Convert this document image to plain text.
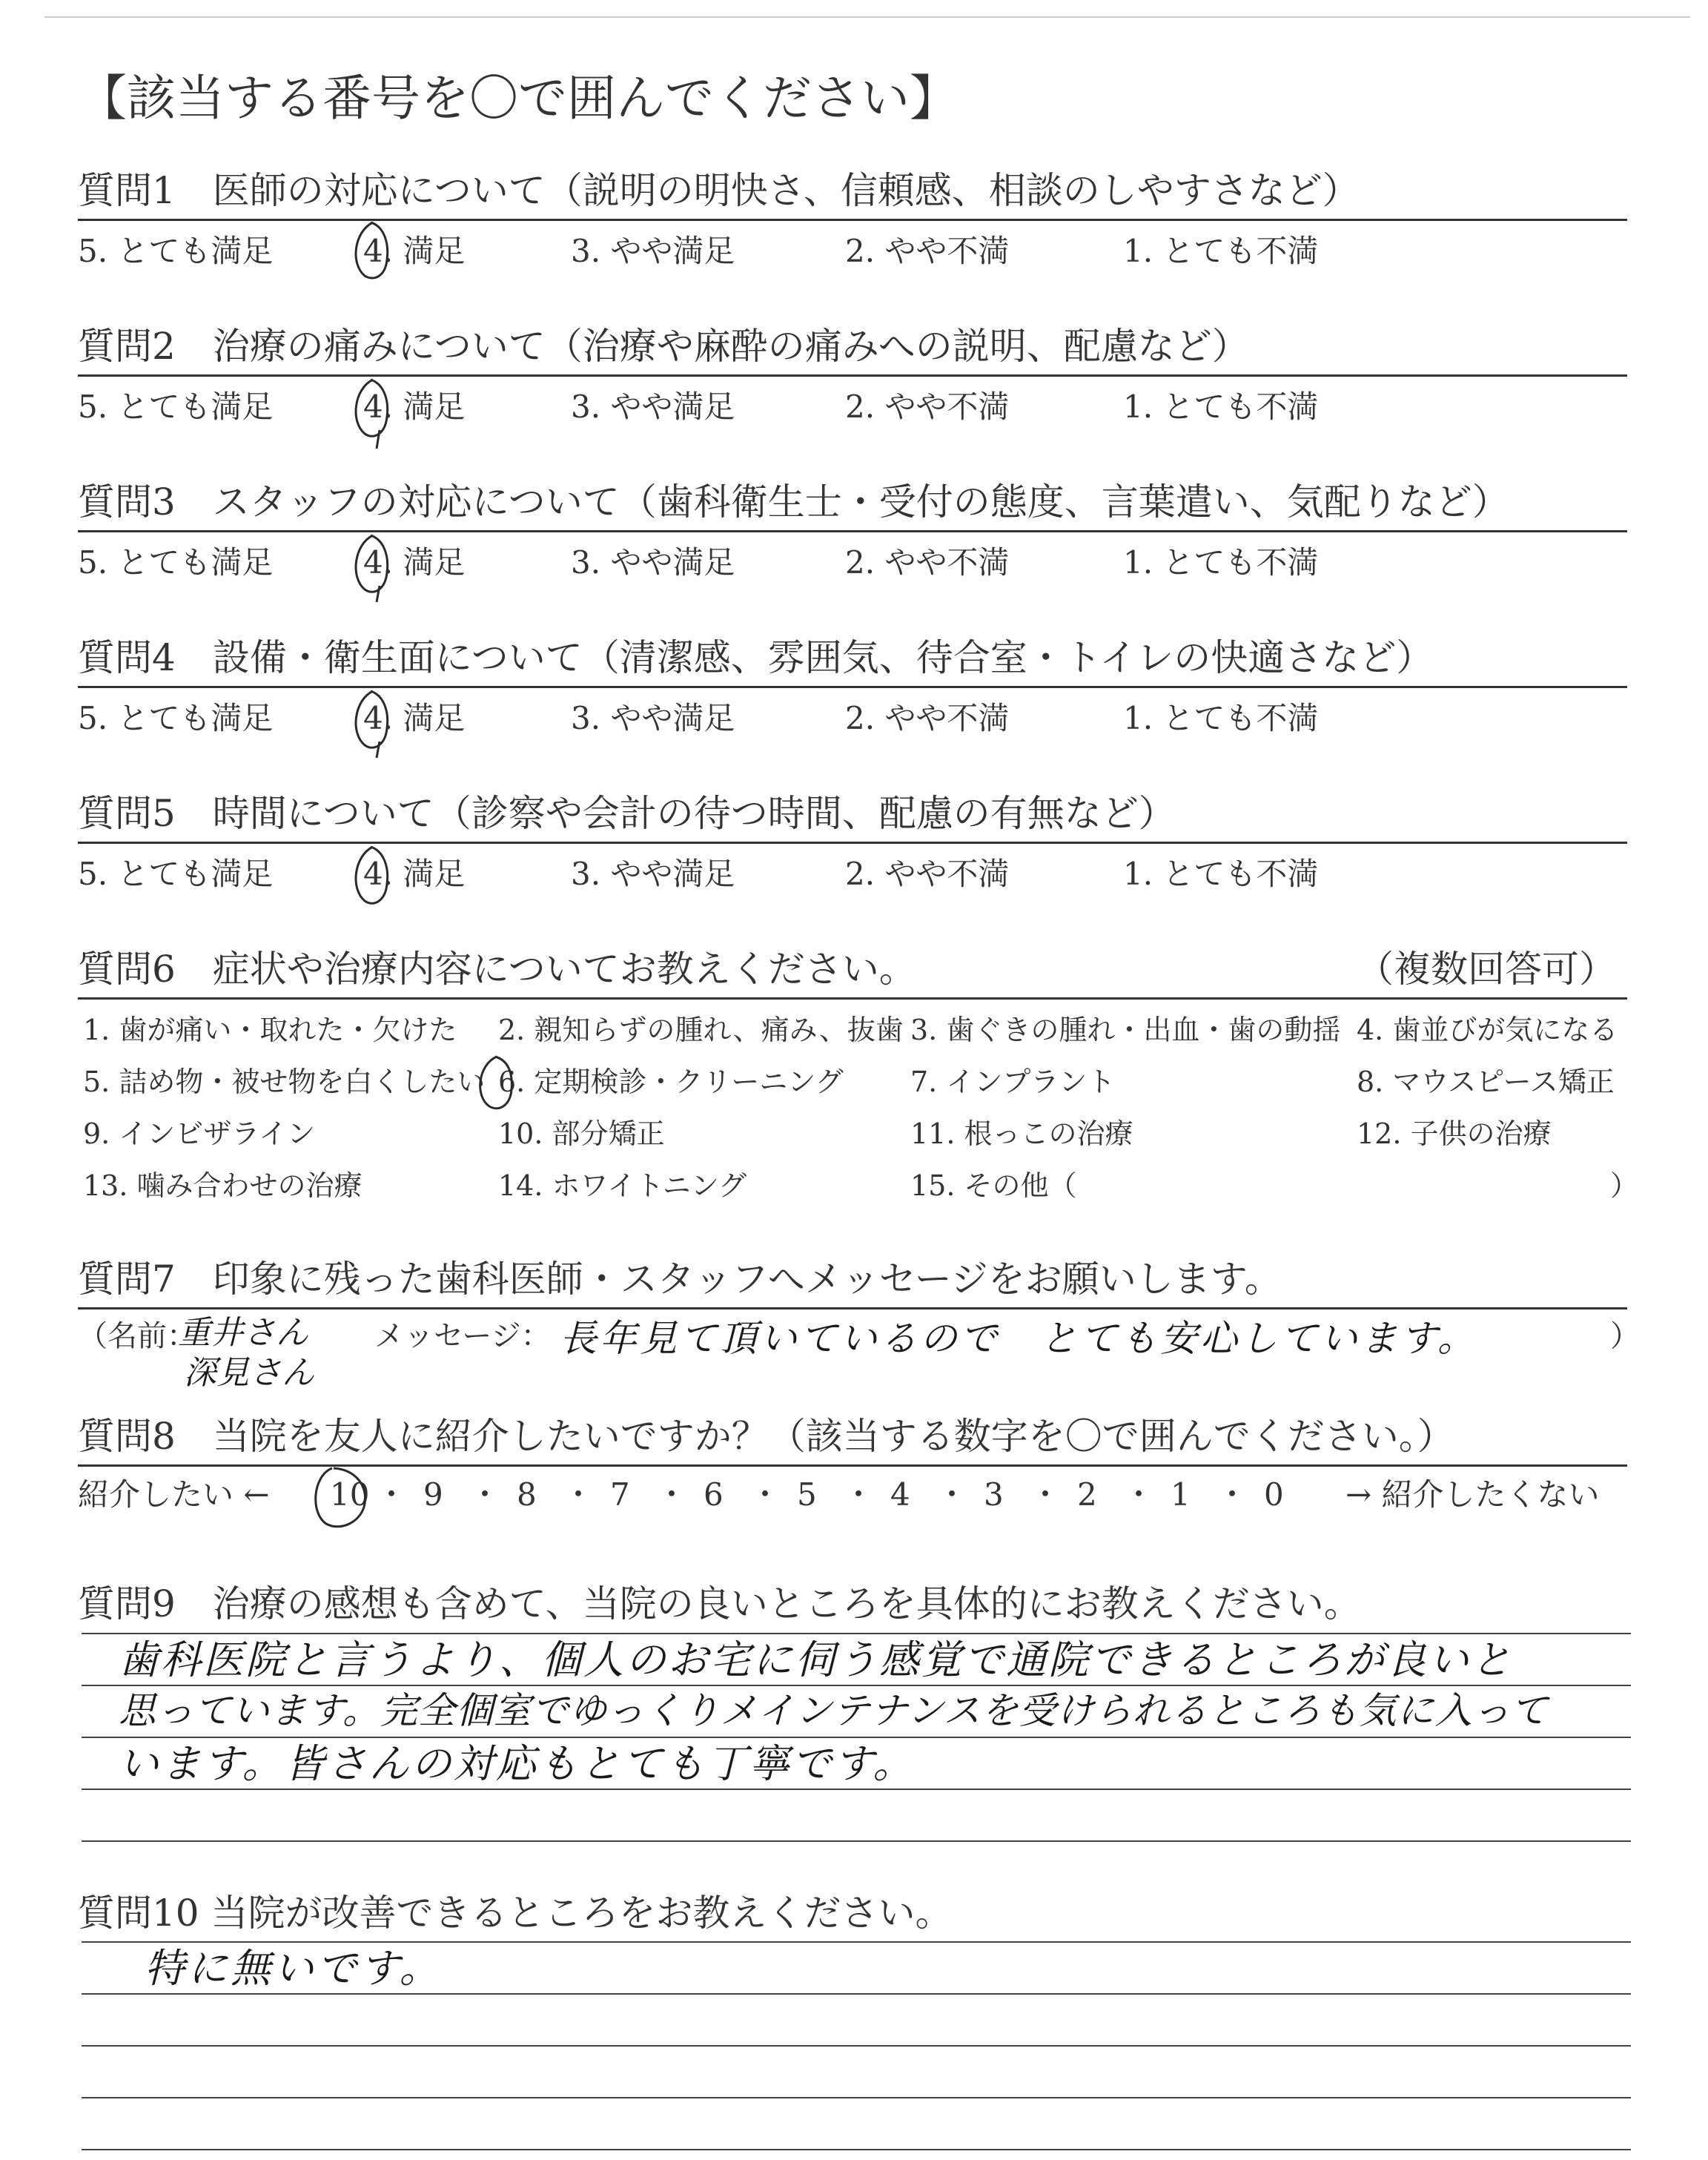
【該当する番号を〇で囲んでください】
質問1　医師の対応について（説明の明快さ、信頼感、相談のしやすさなど）
5. とても満足	4. 満足	3. やや満足	2. やや不満	1. とても不満
質問2　治療の痛みについて（治療や麻酔の痛みへの説明、配慮など）
5. とても満足	4. 満足	3. やや満足	2. やや不満	1. とても不満
質問3　スタッフの対応について（歯科衛生士・受付の態度、言葉遣い、気配りなど）
5. とても満足	4. 満足	3. やや満足	2. やや不満	1. とても不満
質問4　設備・衛生面について（清潔感、雰囲気、待合室・トイレの快適さなど）
5. とても満足	4. 満足	3. やや満足	2. やや不満	1. とても不満
質問5　時間について（診察や会計の待つ時間、配慮の有無など）
5. とても満足	4. 満足	3. やや満足	2. やや不満	1. とても不満
質問6　症状や治療内容についてお教えください。	（複数回答可）
1. 歯が痛い・取れた・欠けた 2. 親知らずの腫れ、痛み、抜歯 3. 歯ぐきの腫れ・出血・歯の動揺 4. 歯並びが気になる
5. 詰め物・被せ物を白くしたい 6. 定期検診・クリーニング 7. インプラント	8. マウスピース矯正
9. インビザライン	10. 部分矯正	11. 根っこの治療	12. 子供の治療
13. 噛み合わせの治療	14. ホワイトニング	15. その他（	）
質問7　印象に残った歯科医師・スタッフへメッセージをお願いします。
（名前：
重井さん
深見さん
メッセージ： 長年見て頂いているので　とても安心しています。	）
質問8　当院を友人に紹介したいですか？（該当する数字を〇で囲んでください。）
紹介したい ← 10 ・ 9 ・ 8 ・ 7 ・ 6 ・ 5 ・ 4 ・ 3 ・ 2 ・ 1 ・ 0 → 紹介したくない
質問9　治療の感想も含めて、当院の良いところを具体的にお教えください。
歯科医院と言うより、個人のお宅に伺う感覚で通院できるところが良いと
思っています。完全個室でゆっくりメインテナンスを受けられるところも気に入って
います。皆さんの対応もとても丁寧です。
質問10 当院が改善できるところをお教えください。
特に無いです。
